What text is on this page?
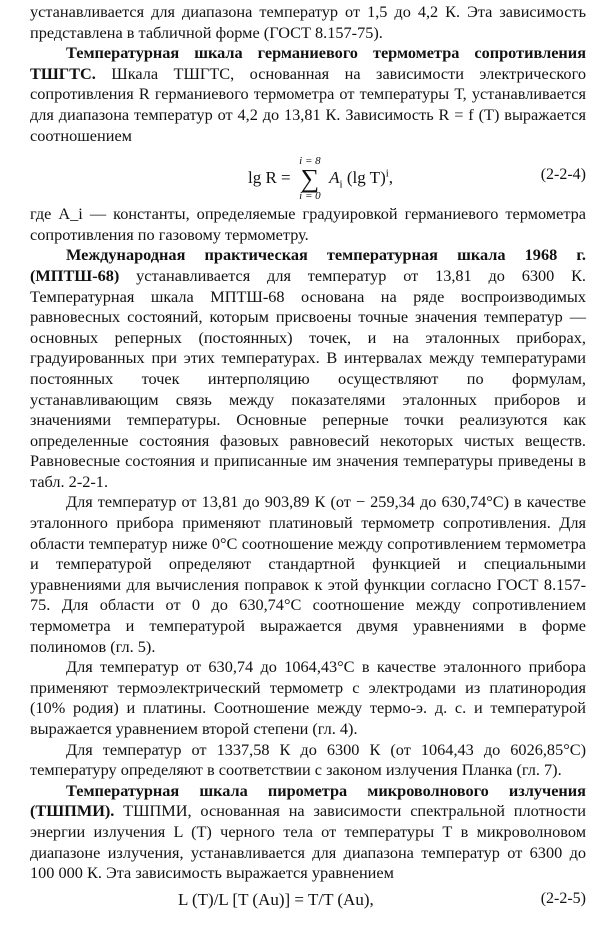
устанавливается для диапазона температур от 1,5 до 4,2 К. Эта зависимость представлена в табличной форме (ГОСТ 8.157-75).

Температурная шкала германиевого термометра сопротивления ТШГТС. Шкала ТШГТС, основанная на зависимости электрического сопротивления R германиевого термометра от температуры Т, устанавливается для диапазона температур от 4,2 до 13,81 К. Зависимость R = f (T) выражается соотношением

lg R =
i = 8
∑
i = 0
$A_i$ (lg T)$^i$,	(2-2-4)

где A_i — константы, определяемые градуировкой германиевого термометра сопротивления по газовому термометру.

Международная практическая температурная шкала 1968 г. (МПТШ-68) устанавливается для температур от 13,81 до 6300 К. Температурная шкала МПТШ-68 основана на ряде воспроизводимых равновесных состояний, которым присвоены точные значения температур — основных реперных (постоянных) точек, и на эталонных приборах, градуированных при этих температурах. В интервалах между температурами постоянных точек интерполяцию осуществляют по формулам, устанавливающим связь между показателями эталонных приборов и значениями температуры. Основные реперные точки реализуются как определенные состояния фазовых равновесий некоторых чистых веществ. Равновесные состояния и приписанные им значения температуры приведены в табл. 2-2-1.

Для температур от 13,81 до 903,89 К (от − 259,34 до 630,74°С) в качестве эталонного прибора применяют платиновый термометр сопротивления. Для области температур ниже 0°С соотношение между сопротивлением термометра и температурой определяют стандартной функцией и специальными уравнениями для вычисления поправок к этой функции согласно ГОСТ 8.157-75. Для области от 0 до 630,74°С соотношение между сопротивлением термометра и температурой выражается двумя уравнениями в форме полиномов (гл. 5).

Для температур от 630,74 до 1064,43°С в качестве эталонного прибора применяют термоэлектрический термометр с электродами из платинородия (10% родия) и платины. Соотношение между термо-э. д. с. и температурой выражается уравнением второй степени (гл. 4).

Для температур от 1337,58 К до 6300 К (от 1064,43 до 6026,85°С) температуру определяют в соответствии с законом излучения Планка (гл. 7).

Температурная шкала пирометра микроволнового излучения (ТШПМИ). ТШПМИ, основанная на зависимости спектральной плотности энергии излучения L (T) черного тела от температуры Т в микроволновом диапазоне излучения, устанавливается для диапазона температур от 6300 до 100 000 К. Эта зависимость выражается уравнением

L (T)/L [T (Au)] = T/T (Au),	(2-2-5)
